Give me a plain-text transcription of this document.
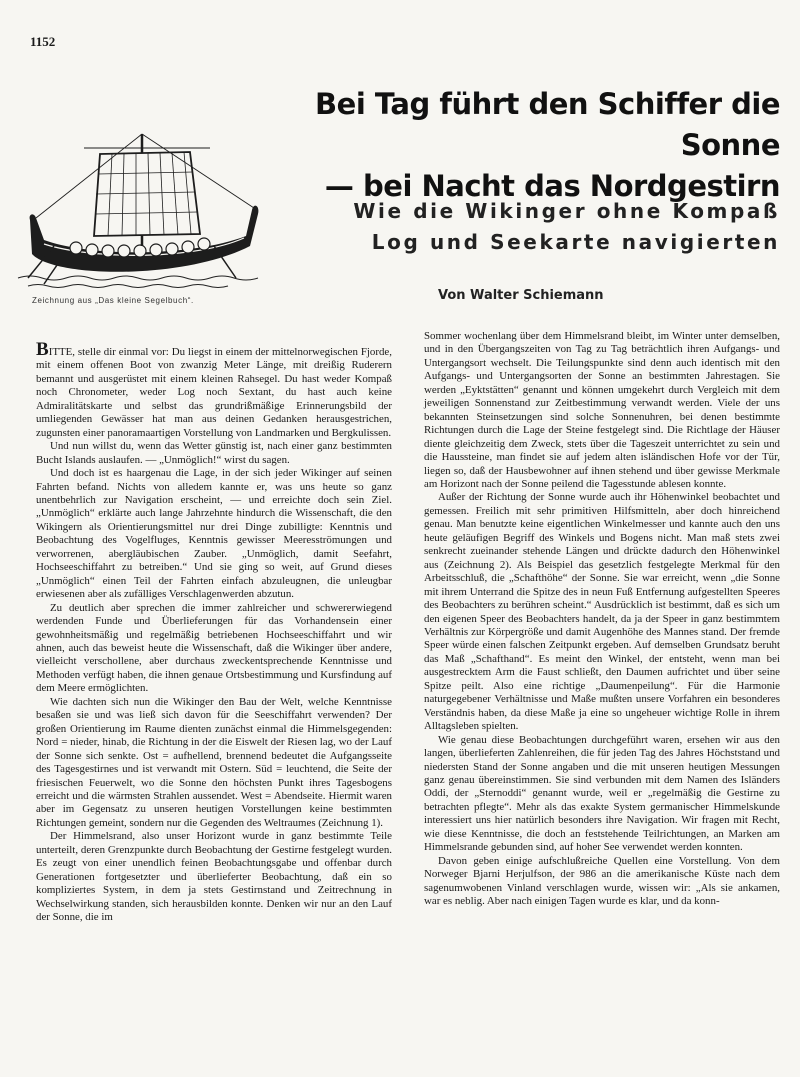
1152
Bei Tag führt den Schiffer die Sonne
— bei Nacht das Nordgestirn
Wie die Wikinger ohne Kompaß
Log und Seekarte navigierten
Zeichnung aus „Das kleine Segelbuch“.	Von Walter Schiemann

BITTE, stelle dir einmal vor: Du liegst in einem der mittelnorwegischen Fjorde, mit einem offenen Boot von zwanzig Meter Länge, mit dreißig Ruderern bemannt und ausgerüstet mit einem kleinen Rahsegel. Du hast weder Kompaß noch Chronometer, weder Log noch Sextant, du hast auch keine Admiralitätskarte und selbst das grundrißmäßige Erinnerungsbild der umliegenden Gewässer hat man aus deinen Gedanken herausgestrichen, zugunsten einer panoramaartigen Vorstellung von Landmarken und Bergkulissen.

Und nun willst du, wenn das Wetter günstig ist, nach einer ganz bestimmten Bucht Islands auslaufen. — „Unmöglich!“ wirst du sagen.

Und doch ist es haargenau die Lage, in der sich jeder Wikinger auf seinen Fahrten befand. Nichts von alledem kannte er, was uns heute so ganz unentbehrlich zur Navigation erscheint, — und erreichte doch sein Ziel. „Unmöglich“ erklärte auch lange Jahrzehnte hindurch die Wissenschaft, die den Wikingern als Orientierungsmittel nur drei Dinge zubilligte: Kenntnis und Beobachtung des Vogelfluges, Kenntnis gewisser Meeresströmungen und verworrenen, abergläubischen Zauber. „Unmöglich, damit Seefahrt, Hochseeschiffahrt zu betreiben.“ Und sie ging so weit, auf Grund dieses „Unmöglich“ einen Teil der Fahrten einfach abzuleugnen, die unleugbar erwiesenen aber als zufälliges Verschlagenwerden abzutun.

Zu deutlich aber sprechen die immer zahlreicher und schwererwiegend werdenden Funde und Überlieferungen für das Vorhandensein einer gewohnheitsmäßig und regelmäßig betriebenen Hochseeschiffahrt und wir ahnen, auch das beweist heute die Wissenschaft, daß die Wikinger über andere, vielleicht verschollene, aber durchaus zweckentsprechende Kenntnisse und Methoden verfügt haben, die ihnen genaue Ortsbestimmung und Kursfindung auf dem Meere ermöglichten.

Wie dachten sich nun die Wikinger den Bau der Welt, welche Kenntnisse besaßen sie und was ließ sich davon für die Seeschiffahrt verwenden? Der großen Orientierung im Raume dienten zunächst einmal die Himmelsgegenden: Nord = nieder, hinab, die Richtung in der die Eiswelt der Riesen lag, wo der Lauf der Sonne sich senkte. Ost = aufhellend, brennend bedeutet die Aufgangsseite des Tagesgestirnes und ist verwandt mit Ostern. Süd = leuchtend, die Seite der friesischen Feuerwelt, wo die Sonne den höchsten Punkt ihres Tagesbogens erreicht und die wärmsten Strahlen aussendet. West = Abendseite. Hiermit waren aber im Gegensatz zu unseren heutigen Vorstellungen keine bestimmten Richtungen gemeint, sondern nur die Gegenden des Weltraumes (Zeichnung 1).

Der Himmelsrand, also unser Horizont wurde in ganz bestimmte Teile unterteilt, deren Grenzpunkte durch Beobachtung der Gestirne festgelegt wurden. Es zeugt von einer unendlich feinen Beobachtungsgabe und offenbar durch Generationen fortgesetzter und überlieferter Beobachtung, daß ein so kompliziertes System, in dem ja stets Gestirnstand und Zeitrechnung in Wechselwirkung standen, sich herausbilden konnte. Denken wir nur an den Lauf der Sonne, die im

Sommer wochenlang über dem Himmelsrand bleibt, im Winter unter demselben, und in den Übergangszeiten von Tag zu Tag beträchtlich ihren Aufgangs- und Untergangsort wechselt. Die Teilungspunkte sind denn auch identisch mit den Aufgangs- und Untergangsorten der Sonne an bestimmten Jahrestagen. Sie werden „Eyktstätten“ genannt und können umgekehrt durch Vergleich mit dem jeweiligen Sonnenstand zur Zeitbestimmung verwandt werden. Viele der uns bekannten Steinsetzungen sind solche Sonnenuhren, bei denen bestimmte Richtungen durch die Lage der Steine festgelegt sind. Die Richtlage der Häuser diente gleichzeitig dem Zweck, stets über die Tageszeit unterrichtet zu sein und die Haussteine, man findet sie auf jedem alten isländischen Hofe vor der Tür, liegen so, daß der Hausbewohner auf ihnen stehend und über gewisse Merkmale am Horizont nach der Sonne peilend die Tagesstunde ablesen konnte.

Außer der Richtung der Sonne wurde auch ihr Höhenwinkel beobachtet und gemessen. Freilich mit sehr primitiven Hilfsmitteln, aber doch hinreichend genau. Man benutzte keine eigentlichen Winkelmesser und kannte auch den uns heute geläufigen Begriff des Winkels und Bogens nicht. Man maß stets zwei senkrecht zueinander stehende Längen und drückte dadurch den Höhenwinkel aus (Zeichnung 2). Als Beispiel das gesetzlich festgelegte Merkmal für den Arbeitsschluß, die „Schafthöhe“ der Sonne. Sie war erreicht, wenn „die Sonne mit ihrem Unterrand die Spitze des in neun Fuß Entfernung aufgestellten Speeres des Beobachters zu berühren scheint.“ Ausdrücklich ist bestimmt, daß es sich um den eigenen Speer des Beobachters handelt, da ja der Speer in ganz bestimmtem Verhältnis zur Körpergröße und damit Augenhöhe des Mannes stand. Der fremde Speer würde einen falschen Zeitpunkt ergeben. Auf demselben Grundsatz beruht das Maß „Schafthand“. Es meint den Winkel, der entsteht, wenn man bei ausgestrecktem Arm die Faust schließt, den Daumen aufrichtet und über seine Spitze peilt. Also eine richtige „Daumenpeilung“. Für die Harmonie naturgegebener Verhältnisse und Maße mußten unsere Vorfahren ein besonderes Verständnis haben, da diese Maße ja eine so ungeheuer wichtige Rolle in ihrem Alltagsleben spielten.

Wie genau diese Beobachtungen durchgeführt waren, ersehen wir aus den langen, überlieferten Zahlenreihen, die für jeden Tag des Jahres Höchststand und niedersten Stand der Sonne angaben und die mit unseren heutigen Messungen ganz genau übereinstimmen. Sie sind verbunden mit dem Namen des Isländers Oddi, der „Sternoddi“ genannt wurde, weil er „regelmäßig die Gestirne zu betrachten pflegte“. Mehr als das exakte System germanischer Himmelskunde interessiert uns hier natürlich besonders ihre Navigation. Wir fragen mit Recht, wie diese Kenntnisse, die doch an feststehende Teilrichtungen, an Marken am Himmelsrande gebunden sind, auf hoher See verwendet werden konnten.

Davon geben einige aufschlußreiche Quellen eine Vorstellung. Von dem Norweger Bjarni Herjulfson, der 986 an die amerikanische Küste nach dem sagenumwobenen Vinland verschlagen wurde, wissen wir: „Als sie ankamen, war es neblig. Aber nach einigen Tagen wurde es klar, und da konn-
